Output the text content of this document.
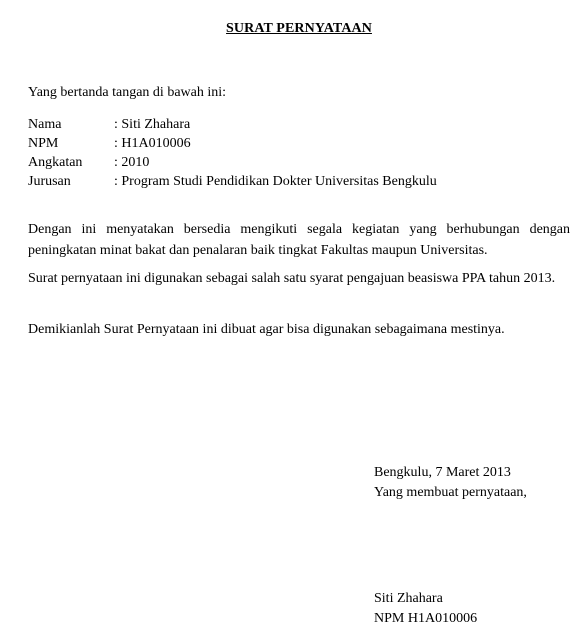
SURAT PERNYATAAN
Yang bertanda tangan di bawah ini:
Nama	: Siti Zhahara
NPM	: H1A010006
Angkatan	: 2010
Jurusan	: Program Studi Pendidikan Dokter Universitas Bengkulu

Dengan ini menyatakan bersedia mengikuti segala kegiatan yang berhubungan dengan peningkatan minat bakat dan penalaran baik tingkat Fakultas maupun Universitas.

Surat pernyataan ini digunakan sebagai salah satu syarat pengajuan beasiswa PPA tahun 2013.

Demikianlah Surat Pernyataan ini dibuat agar bisa digunakan sebagaimana mestinya.

Bengkulu, 7 Maret 2013
Yang membuat pernyataan,
Siti Zhahara
NPM H1A010006
